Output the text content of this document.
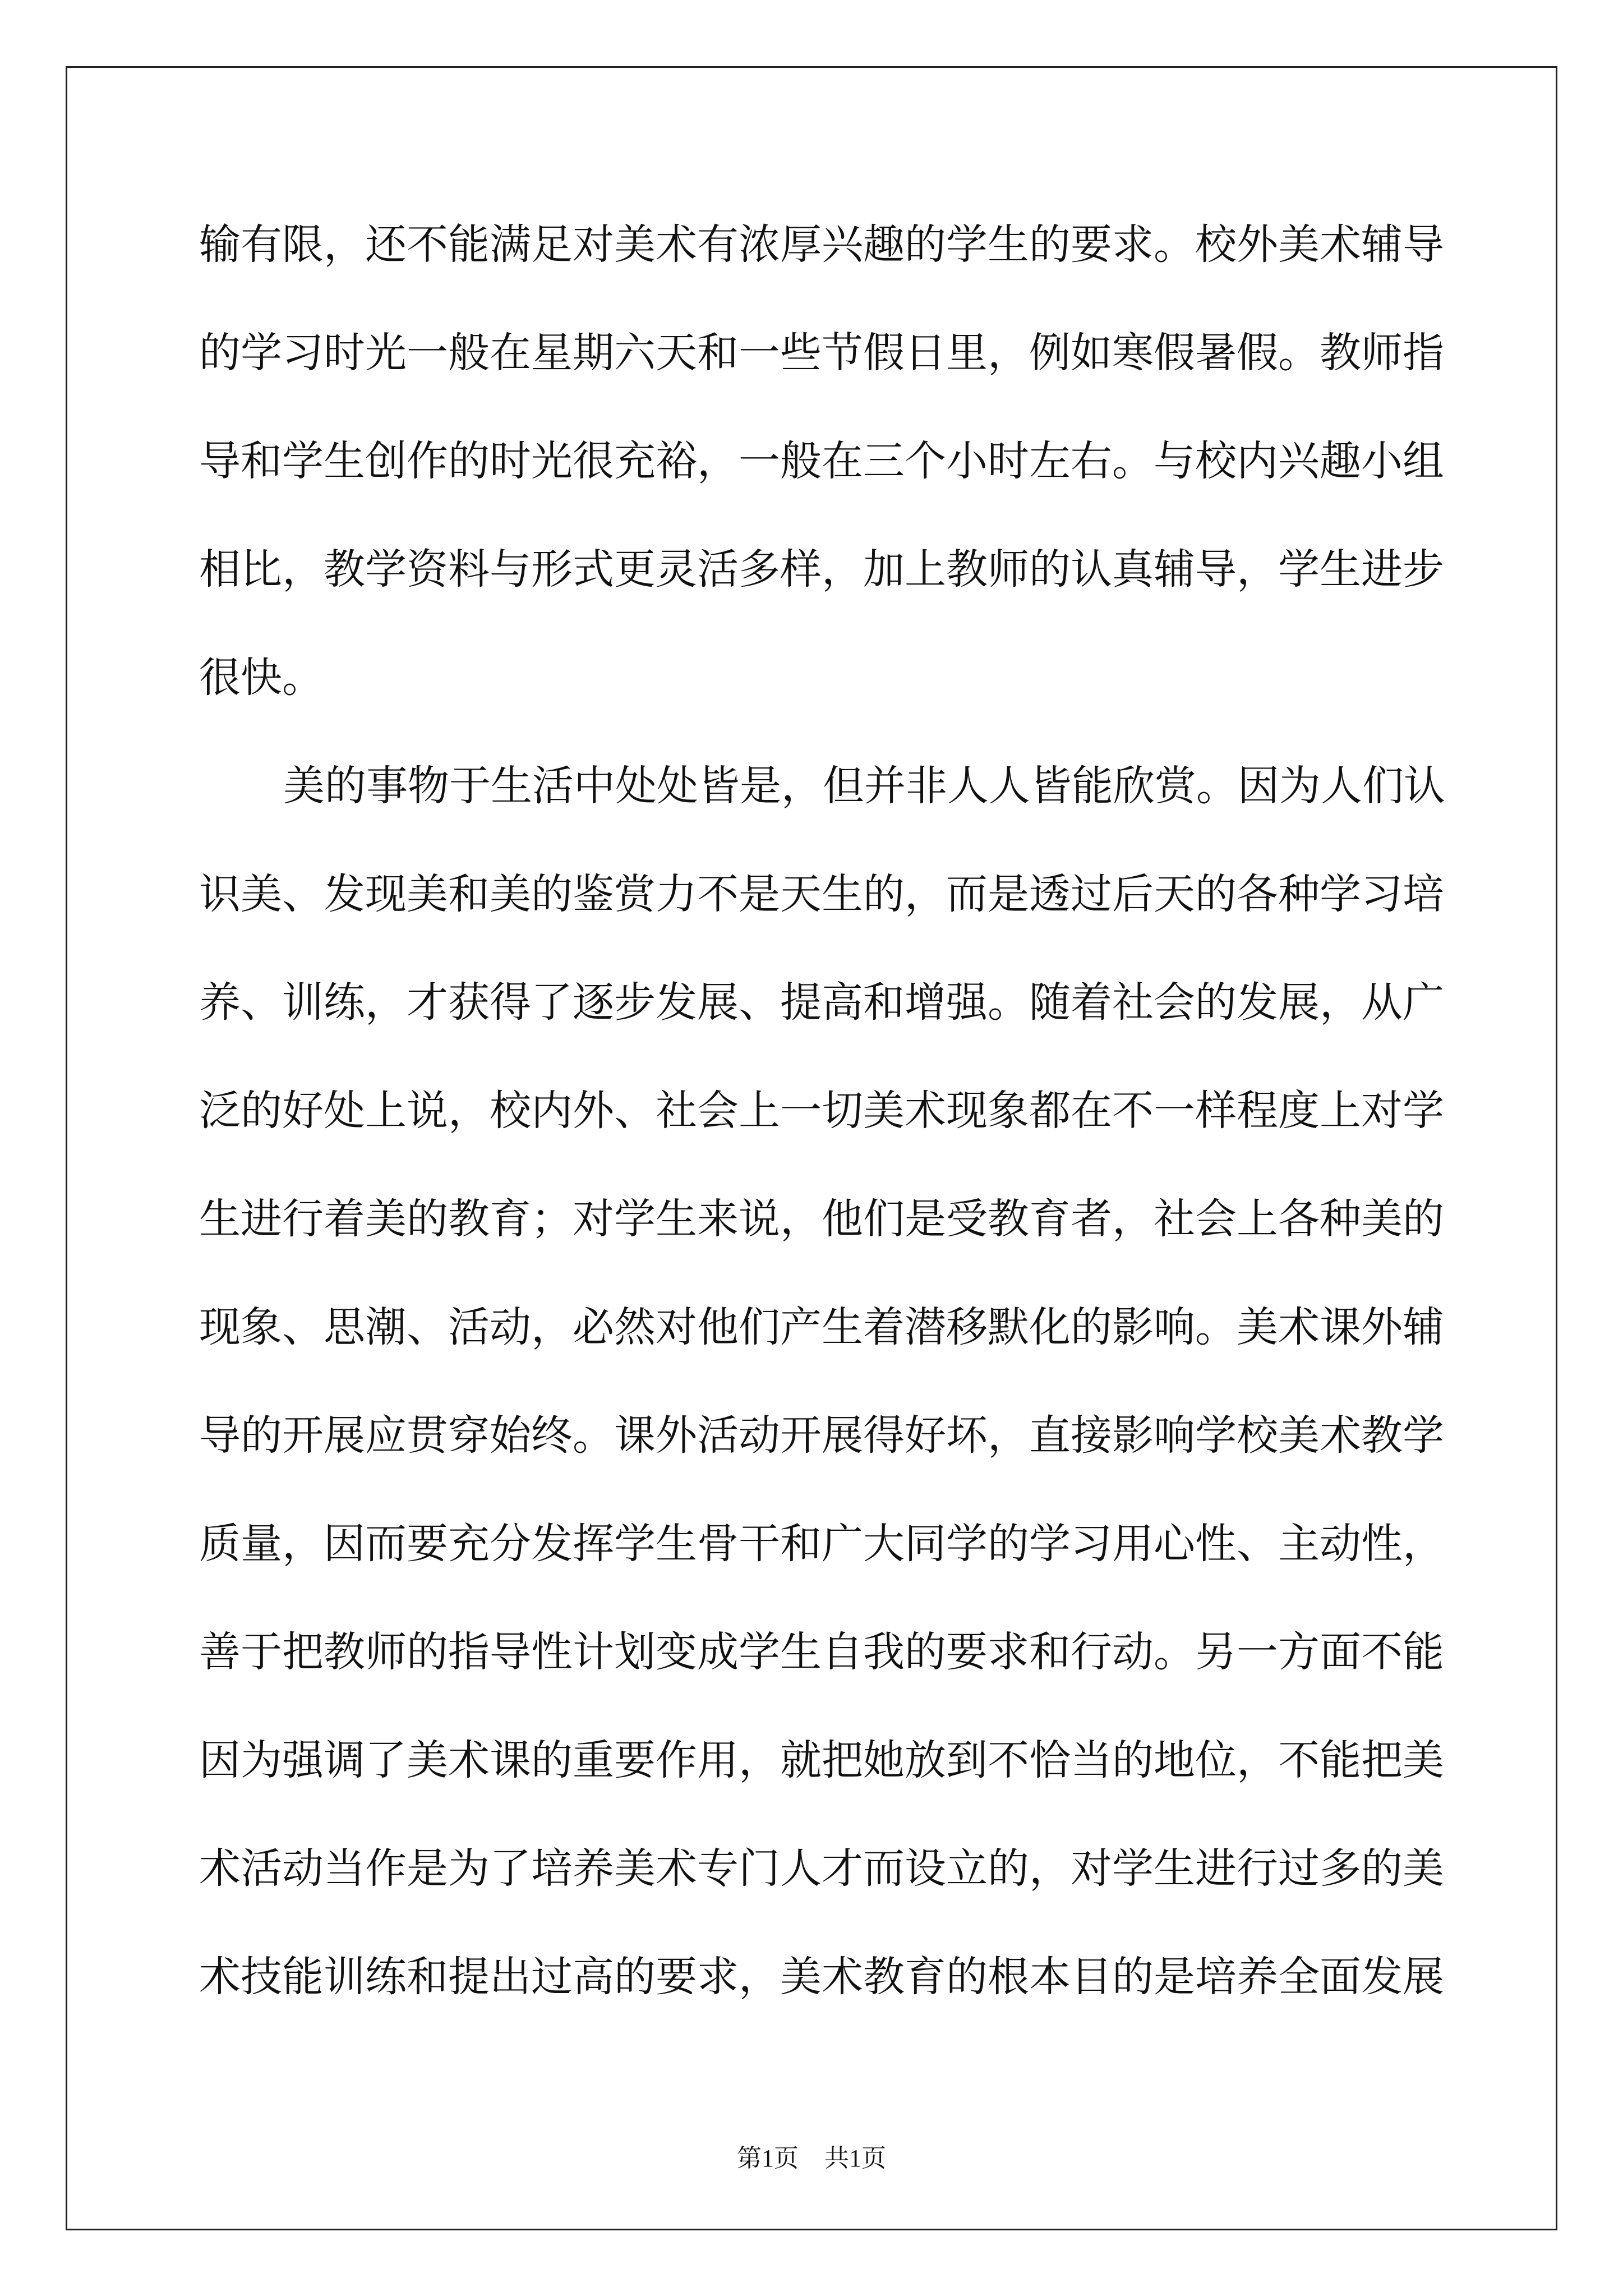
输有限，还不能满足对美术有浓厚兴趣的学生的要求。校外美术辅导
的学习时光一般在星期六天和一些节假日里，例如寒假暑假。教师指
导和学生创作的时光很充裕，一般在三个小时左右。与校内兴趣小组
相比，教学资料与形式更灵活多样，加上教师的认真辅导，学生进步
很快。
美的事物于生活中处处皆是，但并非人人皆能欣赏。因为人们认
识美、发现美和美的鉴赏力不是天生的，而是透过后天的各种学习培
养、训练，才获得了逐步发展、提高和增强。随着社会的发展，从广
泛的好处上说，校内外、社会上一切美术现象都在不一样程度上对学
生进行着美的教育；对学生来说，他们是受教育者，社会上各种美的
现象、思潮、活动，必然对他们产生着潜移默化的影响。美术课外辅
导的开展应贯穿始终。课外活动开展得好坏，直接影响学校美术教学
质量，因而要充分发挥学生骨干和广大同学的学习用心性、主动性，
善于把教师的指导性计划变成学生自我的要求和行动。另一方面不能
因为强调了美术课的重要作用，就把她放到不恰当的地位，不能把美
术活动当作是为了培养美术专门人才而设立的，对学生进行过多的美
术技能训练和提出过高的要求，美术教育的根本目的是培养全面发展
第1页 共1页
